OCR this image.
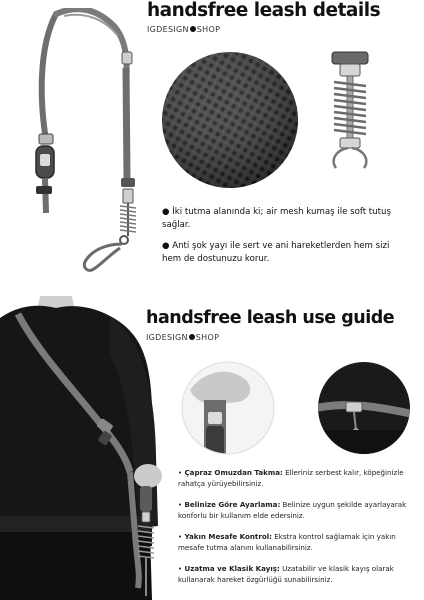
handsfree leash details
IGDESIGN SHOP
● İki tutma alanında ki; air mesh kumaş ile soft tutuş sağlar.
● Anti şok yayı ile sert ve ani hareketlerden hem sizi hem de dostunuzu korur.
handsfree leash use guide
IGDESIGN SHOP
• Çapraz Omuzdan Takma: Elleriniz serbest kalır, köpeğinizle rahatça yürüyebilirsiniz.
• Belinize Göre Ayarlama: Belinize uygun şekilde ayarlayarak konforlu bir kullanım elde edersiniz.
• Yakın Mesafe Kontrol: Ekstra kontrol sağlamak için yakın mesafe tutma alanını kullanabilirsiniz.
• Uzatma ve Klasik Kayış: Uzatabilir ve klasik kayış olarak kullanarak hareket özgürlüğü sunabilirsiniz.
